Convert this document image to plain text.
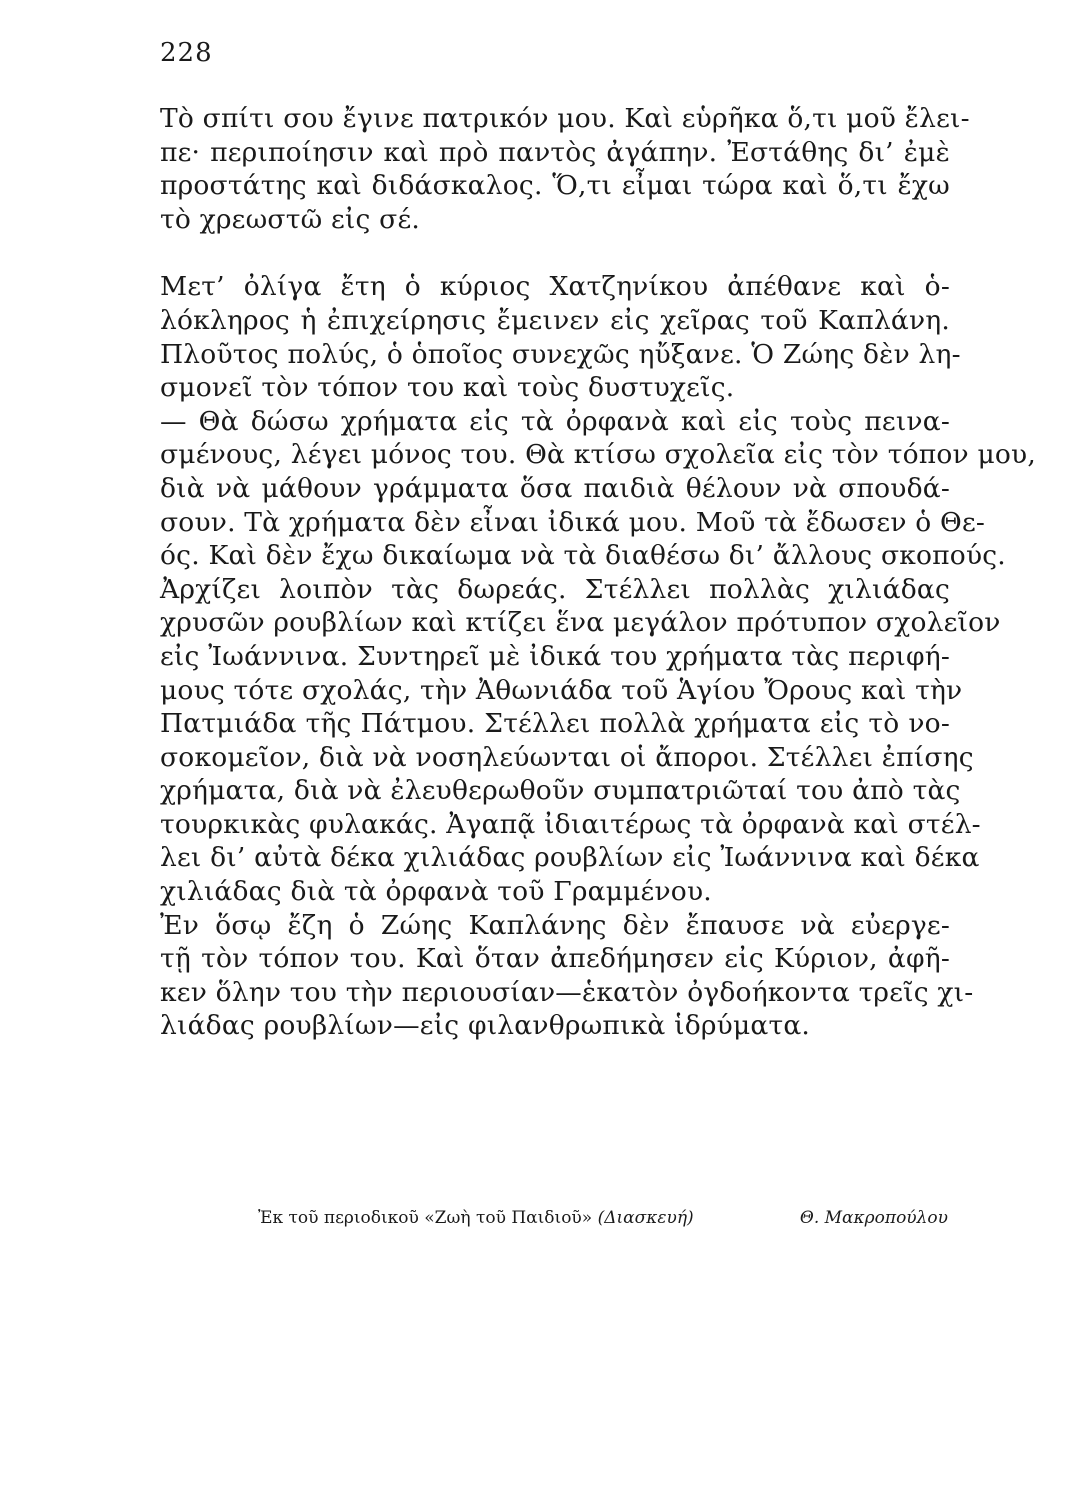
228
Τὸ σπίτι σου ἔγινε πατρικόν μου. Καὶ εὑρῆκα ὅ,τι μοῦ ἔλει-
πε· περιποίησιν καὶ πρὸ παντὸς ἀγάπην. Ἐστάθης δι’ ἐμὲ
προστάτης καὶ διδάσκαλος. Ὅ,τι εἶμαι τώρα καὶ ὅ,τι ἔχω
τὸ χρεωστῶ εἰς σέ.
Μετ’ ὀλίγα ἔτη ὁ κύριος Χατζηνίκου ἀπέθανε καὶ ὁ-
λόκληρος ἡ ἐπιχείρησις ἔμεινεν εἰς χεῖρας τοῦ Καπλάνη.
Πλοῦτος πολύς, ὁ ὁποῖος συνεχῶς ηὔξανε. Ὁ Ζώης δὲν λη-
σμονεῖ τὸν τόπον του καὶ τοὺς δυστυχεῖς.
— Θὰ δώσω χρήματα εἰς τὰ ὀρφανὰ καὶ εἰς τοὺς πεινα-
σμένους, λέγει μόνος του. Θὰ κτίσω σχολεῖα εἰς τὸν τόπον μου,
διὰ νὰ μάθουν γράμματα ὅσα παιδιὰ θέλουν νὰ σπουδά-
σουν. Τὰ χρήματα δὲν εἶναι ἰδικά μου. Μοῦ τὰ ἔδωσεν ὁ Θε-
ός. Καὶ δὲν ἔχω δικαίωμα νὰ τὰ διαθέσω δι’ ἄλλους σκοπούς.
Ἀρχίζει λοιπὸν τὰς δωρεάς. Στέλλει πολλὰς χιλιάδας
χρυσῶν ρουβλίων καὶ κτίζει ἕνα μεγάλον πρότυπον σχολεῖον
εἰς Ἰωάννινα. Συντηρεῖ μὲ ἰδικά του χρήματα τὰς περιφή-
μους τότε σχολάς, τὴν Ἀθωνιάδα τοῦ Ἁγίου Ὄρους καὶ τὴν
Πατμιάδα τῆς Πάτμου. Στέλλει πολλὰ χρήματα εἰς τὸ νο-
σοκομεῖον, διὰ νὰ νοσηλεύωνται οἱ ἄποροι. Στέλλει ἐπίσης
χρήματα, διὰ νὰ ἐλευθερωθοῦν συμπατριῶταί του ἀπὸ τὰς
τουρκικὰς φυλακάς. Ἀγαπᾷ ἰδιαιτέρως τὰ ὀρφανὰ καὶ στέλ-
λει δι’ αὐτὰ δέκα χιλιάδας ρουβλίων εἰς Ἰωάννινα καὶ δέκα
χιλιάδας διὰ τὰ ὀρφανὰ τοῦ Γραμμένου.
Ἐν ὅσῳ ἔζη ὁ Ζώης Καπλάνης δὲν ἔπαυσε νὰ εὐεργε-
τῇ τὸν τόπον του. Καὶ ὅταν ἀπεδήμησεν εἰς Κύριον, ἀφῆ-
κεν ὅλην του τὴν περιουσίαν—ἑκατὸν ὀγδοήκοντα τρεῖς χι-
λιάδας ρουβλίων—εἰς φιλανθρωπικὰ ἱδρύματα.
Ἐκ τοῦ περιοδικοῦ «Ζωὴ τοῦ Παιδιοῦ» (Διασκευή)	Θ. Μακροπούλου
